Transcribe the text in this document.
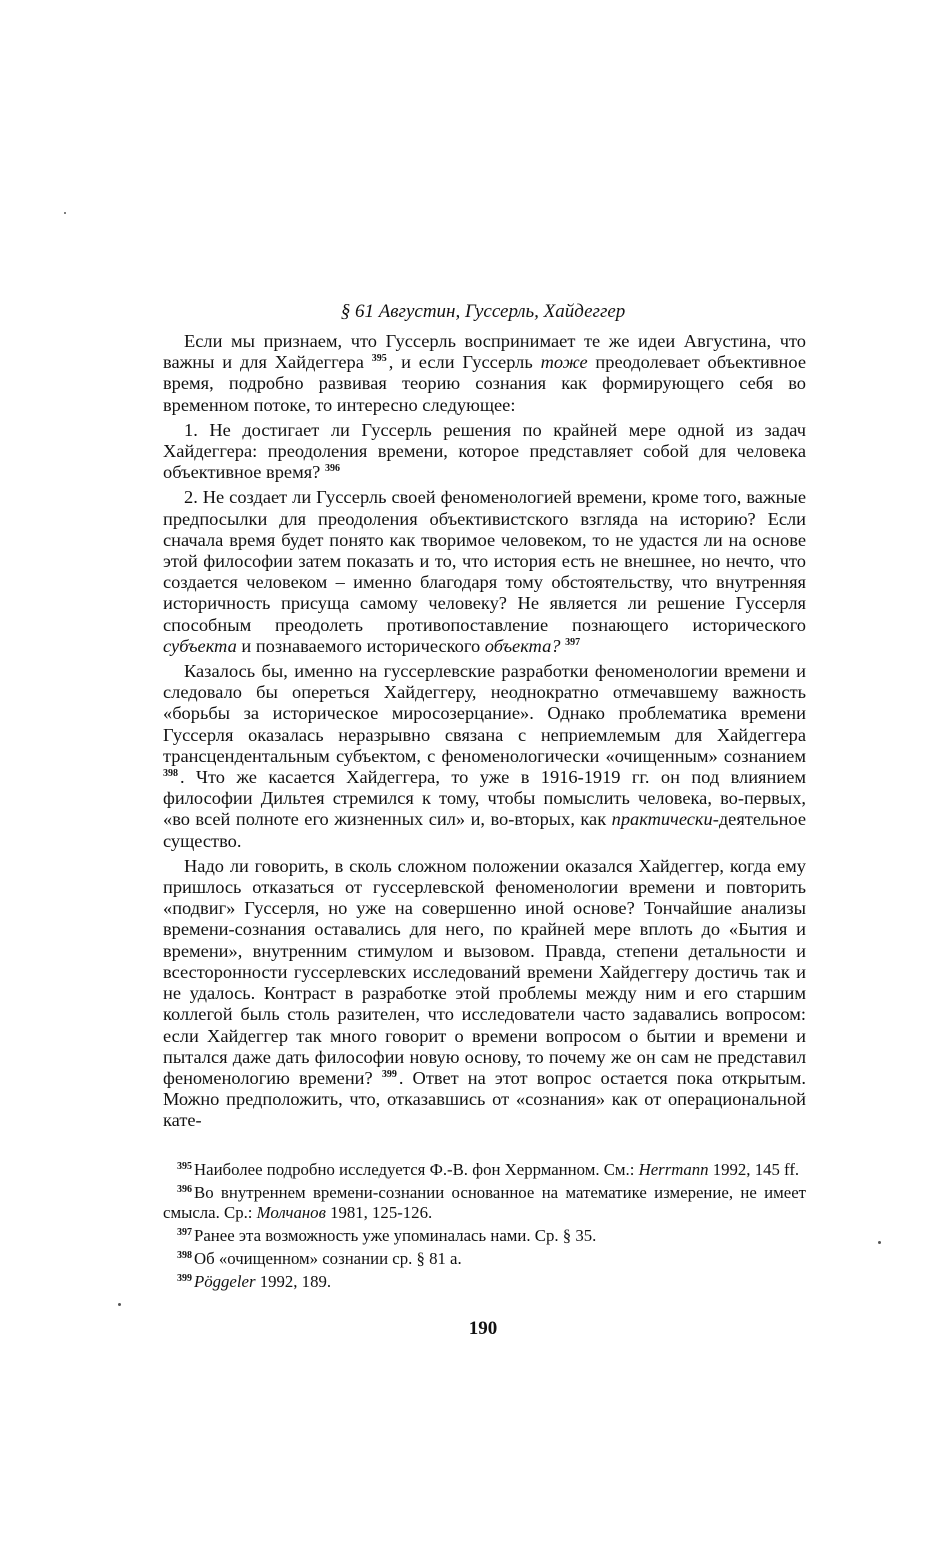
§ 61 Августин, Гуссерль, Хайдеггер

Если мы признаем, что Гуссерль воспринимает те же идеи Августина, что важны и для Хайдеггера $^{395}$ , и если Гуссерль тоже преодолевает объективное время, подробно развивая теорию сознания как формирующего себя во временном потоке, то интересно следующее:

1. Не достигает ли Гуссерль решения по крайней мере одной из задач Хайдеггера: преодоления времени, которое представляет собой для человека объективное время? $^{396}$

2. Не создает ли Гуссерль своей феноменологией времени, кроме того, важные предпосылки для преодоления объективистского взгляда на историю? Если сначала время будет понято как творимое человеком, то не удастся ли на основе этой философии затем показать и то, что история есть не внешнее, но нечто, что создается человеком – именно благодаря тому обстоятельству, что внутренняя историчность присуща самому человеку? Не является ли решение Гуссерля способным преодолеть противопоставление познающего исторического субъекта и познаваемого исторического объекта? $^{397}$

Казалось бы, именно на гуссерлевские разработки феноменологии времени и следовало бы опереться Хайдеггеру, неоднократно отмечавшему важность «борьбы за историческое миросозерцание». Однако проблематика времени Гуссерля оказалась неразрывно связана с неприемлемым для Хайдеггера трансцендентальным субъектом, с феноменологически «очищенным» сознанием $^{398}$ . Что же касается Хайдеггера, то уже в 1916-1919 гг. он под влиянием философии Дильтея стремился к тому, чтобы помыслить человека, во-первых, «во всей полноте его жизненных сил» и, во-вторых, как практически-деятельное существо.

Надо ли говорить, в сколь сложном положении оказался Хайдеггер, когда ему пришлось отказаться от гуссерлевской феноменологии времени и повторить «подвиг» Гуссерля, но уже на совершенно иной основе? Тончайшие анализы времени-сознания оставались для него, по крайней мере вплоть до «Бытия и времени», внутренним стимулом и вызовом. Правда, степени детальности и всесторонности гуссерлевских исследований времени Хайдеггеру достичь так и не удалось. Контраст в разработке этой проблемы между ним и его старшим коллегой быль столь разителен, что исследователи часто задавались вопросом: если Хайдеггер так много говорит о времени вопросом о бытии и времени и пытался даже дать философии новую основу, то почему же он сам не представил феноменологию времени? $^{399}$ . Ответ на этот вопрос остается пока открытым. Можно предположить, что, отказавшись от «сознания» как от операциональной кате-

$^{395}$ Наиболее подробно исследуется Ф.-В. фон Херрманном. См.: Herrmann 1992, 145 ff.

$^{396}$ Во внутреннем времени-сознании основанное на математике измерение, не имеет смысла. Ср.: Молчанов 1981, 125-126.

$^{397}$ Ранее эта возможность уже упоминалась нами. Ср. § 35.

$^{398}$ Об «очищенном» сознании ср. § 81 a.

$^{399}$ Pöggeler 1992, 189.

190
